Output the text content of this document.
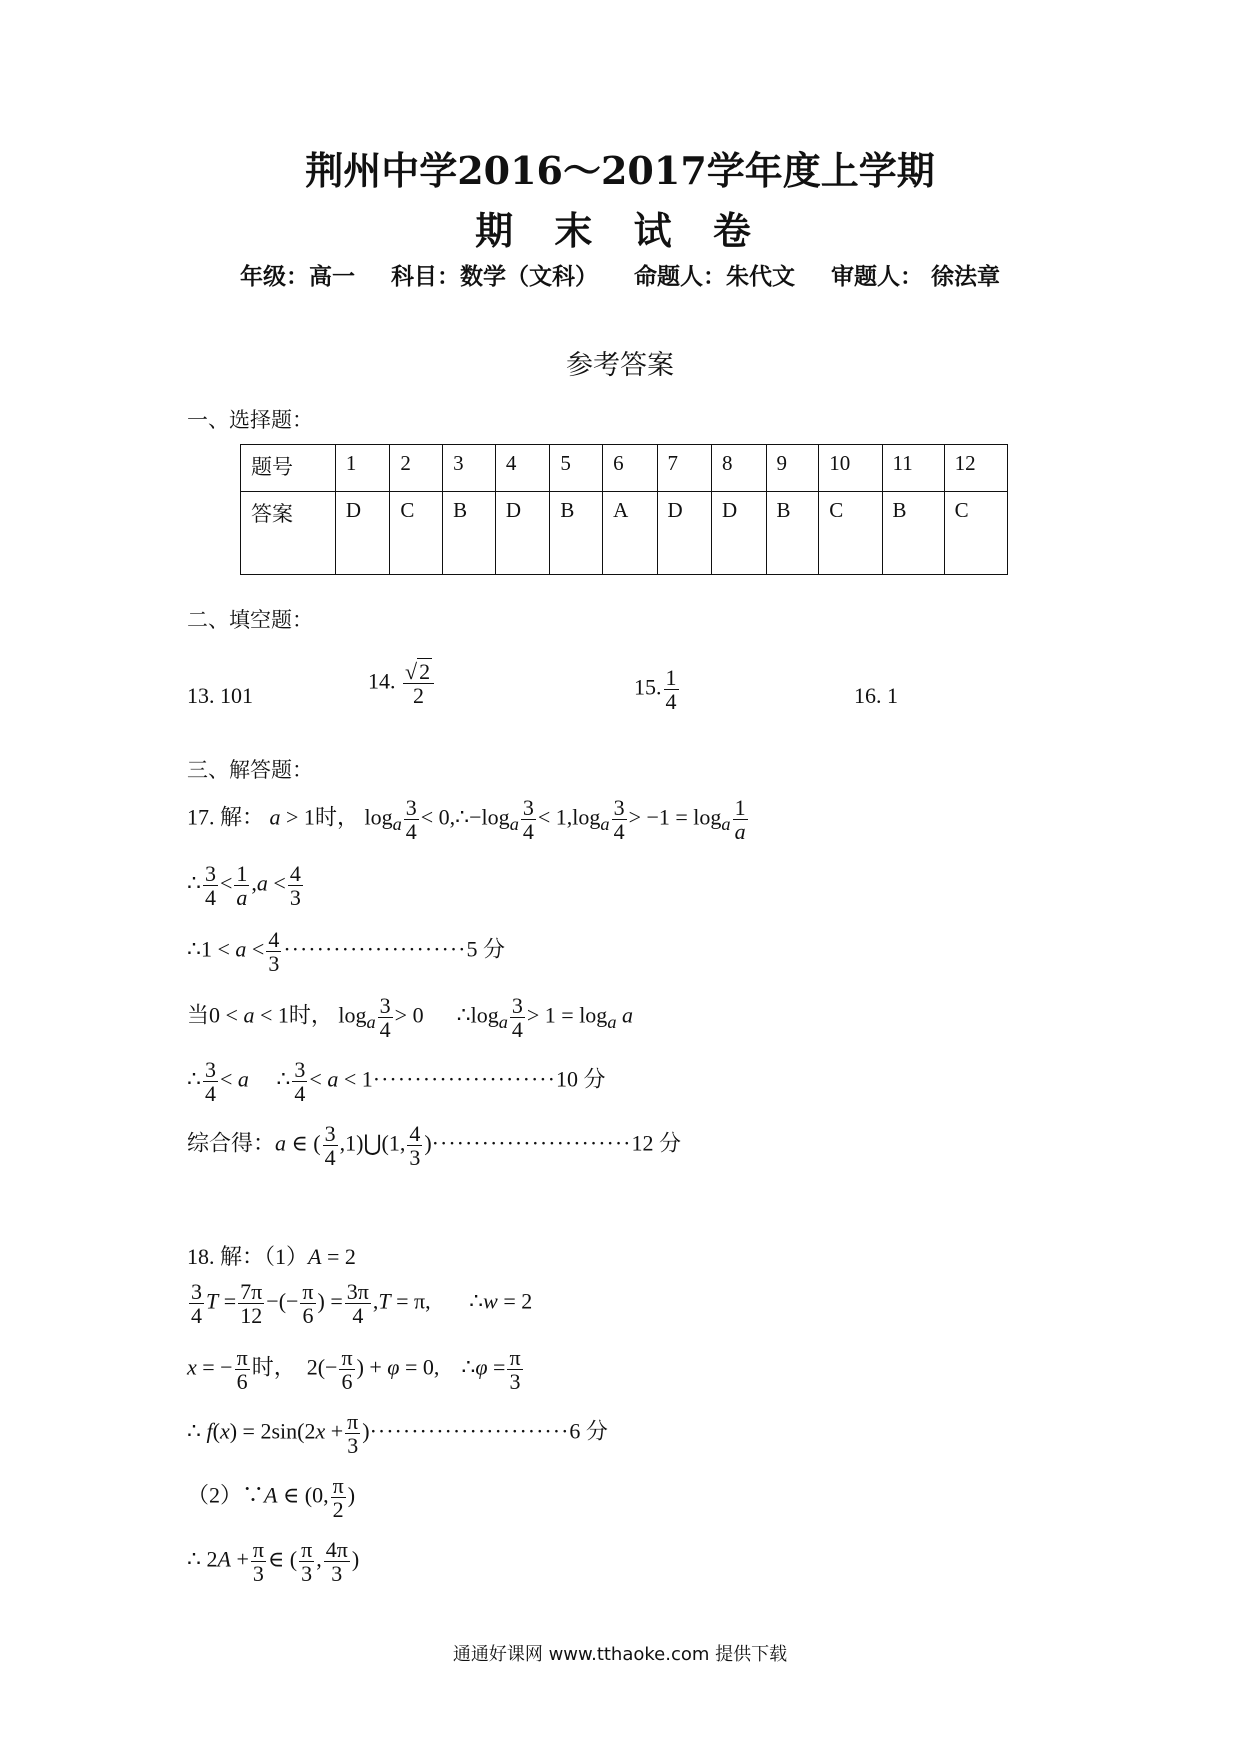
荆州中学2016～2017学年度上学期
期 末 试 卷
年级：高一 科目：数学（文科） 命题人：朱代文 审题人： 徐法章
参考答案
一、选择题：
题号	1	2	3	4	5	6	7	8	9	10	11	12
答案	D	C	B	D	B	A	D	D	B	C	B	C
二、填空题：
13. 101
14. $\frac{√2}{2}$	15. $\frac{1}{4}$	16. 1
三、解答题：
17. 解： a > 1时， $\log_a \frac{3}{4}$ < $0,\therefore-\log_a \frac{3}{4} < 1,\log_a \frac{3}{4} > -1 = \log_a \frac{1}{a}$
∴ $\frac{3}{4} < \frac{1}{a} ,a < \frac{4}{3}$
∴1 < $a < \frac{4}{3} \cdot\cdot\cdot\cdot\cdot\cdot\cdot\cdot\cdot\cdot\cdot\cdot\cdot\cdot\cdot\cdot\cdot\cdot\cdot\cdot\cdot\cdot 5$ 分
当0 < a < 1时， $\log_a \frac{3}{4} > 0$      $\therefore\log_a \frac{3}{4} > 1 = \log_a a$
∴ $\frac{3}{4} < a$     ∴ $\frac{3}{4} < a < 1\cdot\cdot\cdot\cdot\cdot\cdot\cdot\cdot\cdot\cdot\cdot\cdot\cdot\cdot\cdot\cdot\cdot\cdot\cdot\cdot\cdot\cdot 10$ 分
综合得：a ∈ ( $\frac{3}{4}$ ,1)⋃(1, $\frac{4}{3} )\cdot\cdot\cdot\cdot\cdot\cdot\cdot\cdot\cdot\cdot\cdot\cdot\cdot\cdot\cdot\cdot\cdot\cdot\cdot\cdot\cdot\cdot\cdot\cdot 12$ 分
18. 解：（1）A = 2
$\frac{3}{4}$ $T = \frac{7\pi}{12}$ −(− $\frac{\pi}{6}$ ) = $\frac{3\pi}{4} ,T = \pi$,       ∴w = 2
x = − $\frac{\pi}{6}$ 时，  $2(- \frac{\pi}{6}$ ) + φ = 0,    ∴φ = $\frac{\pi}{3}$
∴ $f(x) = 2\sin(2x + \frac{\pi}{3} )\cdot\cdot\cdot\cdot\cdot\cdot\cdot\cdot\cdot\cdot\cdot\cdot\cdot\cdot\cdot\cdot\cdot\cdot\cdot\cdot\cdot\cdot\cdot\cdot 6$ 分
（2）∵A ∈ (0, $\frac{\pi}{2}$ )
∴ $2A + \frac{\pi}{3}$ ∈ ( $\frac{\pi}{3}$ , $\frac{4\pi}{3}$ )
通通好课网 www.tthaoke.com 提供下载
